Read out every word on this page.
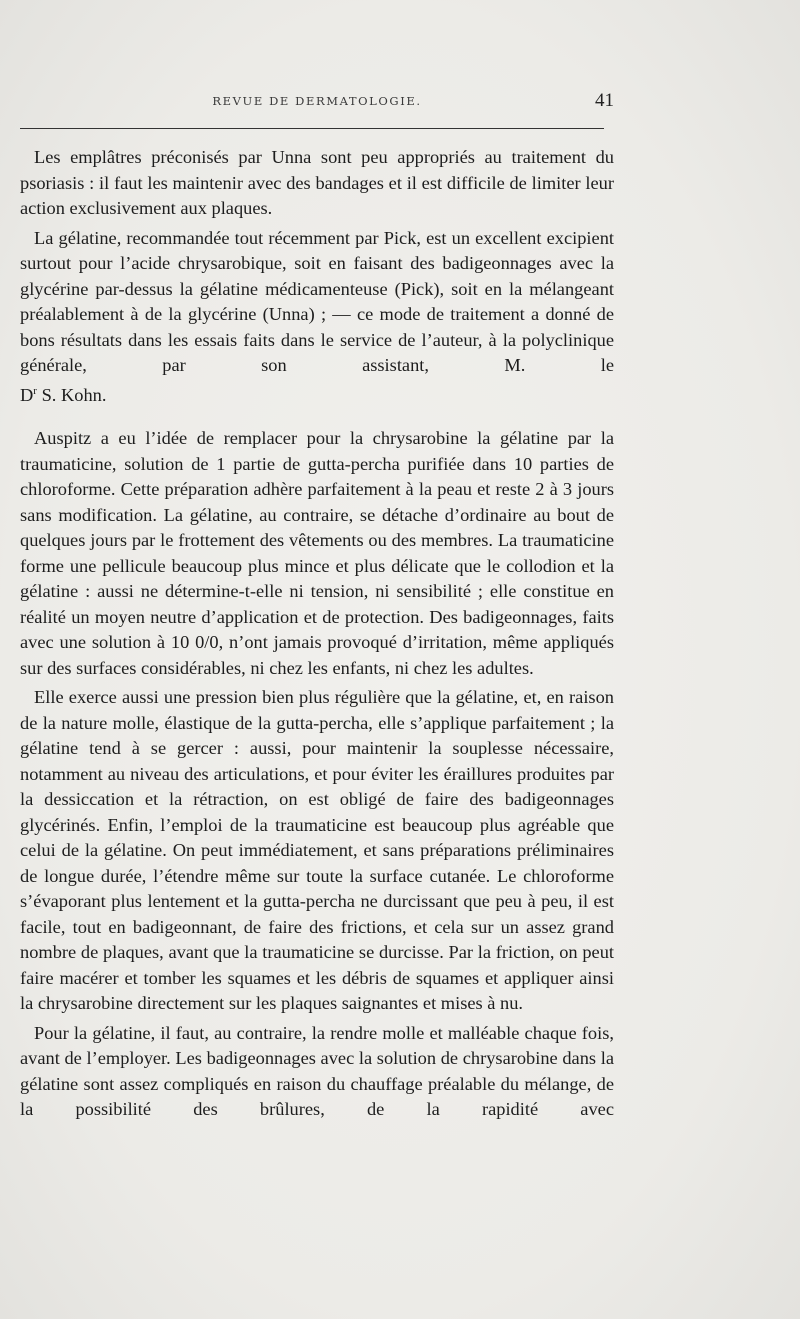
REVUE DE DERMATOLOGIE.	41

Les emplâtres préconisés par Unna sont peu appropriés au traitement du psoriasis : il faut les maintenir avec des bandages et il est difficile de limiter leur action exclusivement aux plaques.

La gélatine, recommandée tout récemment par Pick, est un excellent excipient surtout pour l’acide chrysarobique, soit en faisant des badigeonnages avec la glycérine par-dessus la gélatine médicamenteuse (Pick), soit en la mélangeant préalablement à de la glycérine (Unna) ; — ce mode de traitement a donné de bons résultats dans les essais faits dans le service de l’auteur, à la polyclinique générale, par son assistant, M. le

$D^r$ S. Kohn.

Auspitz a eu l’idée de remplacer pour la chrysarobine la gélatine par la traumaticine, solution de 1 partie de gutta-percha purifiée dans 10 parties de chloroforme. Cette préparation adhère parfaitement à la peau et reste 2 à 3 jours sans modification. La gélatine, au contraire, se détache d’ordinaire au bout de quelques jours par le frottement des vêtements ou des membres. La traumaticine forme une pellicule beaucoup plus mince et plus délicate que le collodion et la gélatine : aussi ne détermine-t-elle ni tension, ni sensibilité ; elle constitue en réalité un moyen neutre d’application et de protection. Des badigeonnages, faits avec une solution à 10 0/0, n’ont jamais provoqué d’irritation, même appliqués sur des surfaces considérables, ni chez les enfants, ni chez les adultes.

Elle exerce aussi une pression bien plus régulière que la gélatine, et, en raison de la nature molle, élastique de la gutta-percha, elle s’applique parfaitement ; la gélatine tend à se gercer : aussi, pour maintenir la souplesse nécessaire, notamment au niveau des articulations, et pour éviter les éraillures produites par la dessiccation et la rétraction, on est obligé de faire des badigeonnages glycérinés. Enfin, l’emploi de la traumaticine est beaucoup plus agréable que celui de la gélatine. On peut immédiatement, et sans préparations préliminaires de longue durée, l’étendre même sur toute la surface cutanée. Le chloroforme s’évaporant plus lentement et la gutta-percha ne durcissant que peu à peu, il est facile, tout en badigeonnant, de faire des frictions, et cela sur un assez grand nombre de plaques, avant que la traumaticine se durcisse. Par la friction, on peut faire macérer et tomber les squames et les débris de squames et appliquer ainsi la chrysarobine directement sur les plaques saignantes et mises à nu.

Pour la gélatine, il faut, au contraire, la rendre molle et malléable chaque fois, avant de l’employer. Les badigeonnages avec la solution de chrysarobine dans la gélatine sont assez compliqués en raison du chauffage préalable du mélange, de la possibilité des brûlures, de la rapidité avec
